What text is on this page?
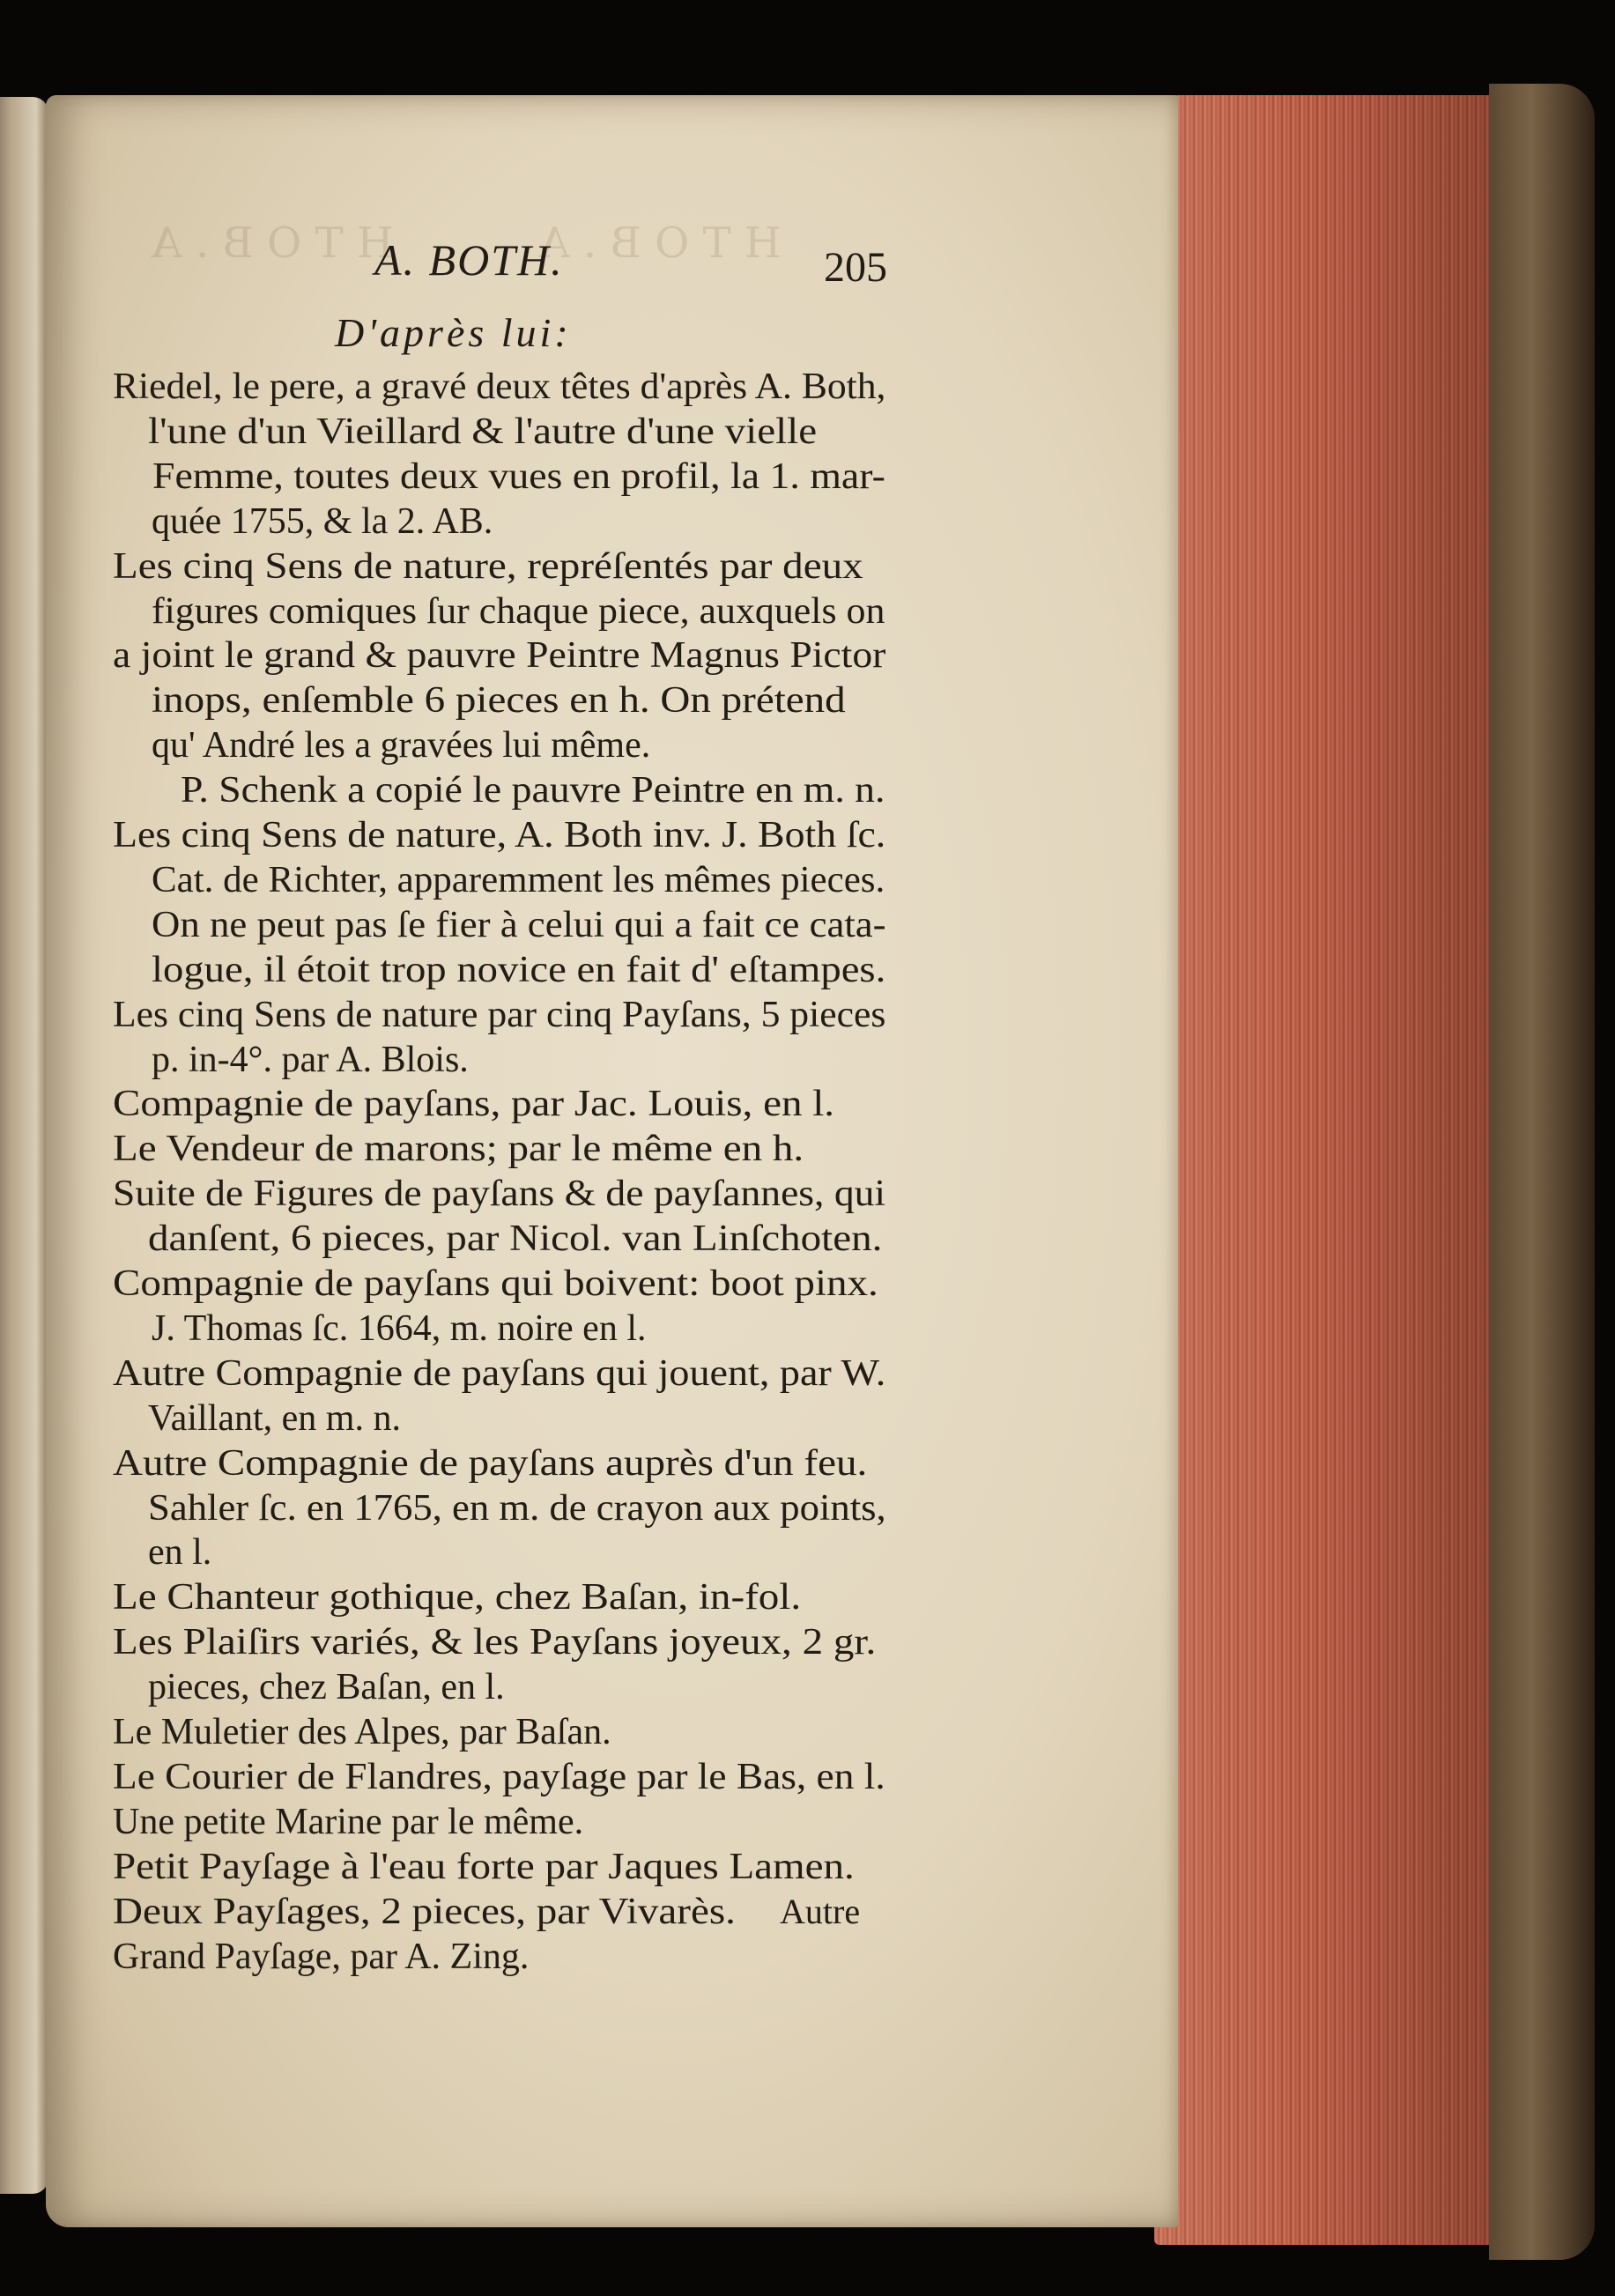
H T O B . A	H T O B . A
A. BOTH.	205
D'après lui:
Riedel, le pere, a gravé deux têtes d'après A. Both,
l'une d'un Vieillard & l'autre d'une vielle
Femme, toutes deux vues en profil, la 1. mar-
quée 1755, & la 2. AB.
Les cinq Sens de nature, repréſentés par deux
figures comiques ſur chaque piece, auxquels on
a joint le grand & pauvre Peintre Magnus Pictor
inops, enſemble 6 pieces en h. On prétend
qu' André les a gravées lui même.
P. Schenk a copié le pauvre Peintre en m. n.
Les cinq Sens de nature, A. Both inv. J. Both ſc.
Cat. de Richter, apparemment les mêmes pieces.
On ne peut pas ſe fier à celui qui a fait ce cata-
logue, il étoit trop novice en fait d' eſtampes.
Les cinq Sens de nature par cinq Payſans, 5 pieces
p. in-4°. par A. Blois.
Compagnie de payſans, par Jac. Louis, en l.
Le Vendeur de marons; par le même en h.
Suite de Figures de payſans & de payſannes, qui
danſent, 6 pieces, par Nicol. van Linſchoten.
Compagnie de payſans qui boivent: boot pinx.
J. Thomas ſc. 1664, m. noire en l.
Autre Compagnie de payſans qui jouent, par W.
Vaillant, en m. n.
Autre Compagnie de payſans auprès d'un feu.
Sahler ſc. en 1765, en m. de crayon aux points,
en l.
Le Chanteur gothique, chez Baſan, in-fol.
Les Plaiſirs variés, & les Payſans joyeux, 2 gr.
pieces, chez Baſan, en l.
Le Muletier des Alpes, par Baſan.
Le Courier de Flandres, payſage par le Bas, en l.
Une petite Marine par le même.
Petit Payſage à l'eau forte par Jaques Lamen.
Deux Payſages, 2 pieces, par Vivarès.
Grand Payſage, par A. Zing.
Autre
